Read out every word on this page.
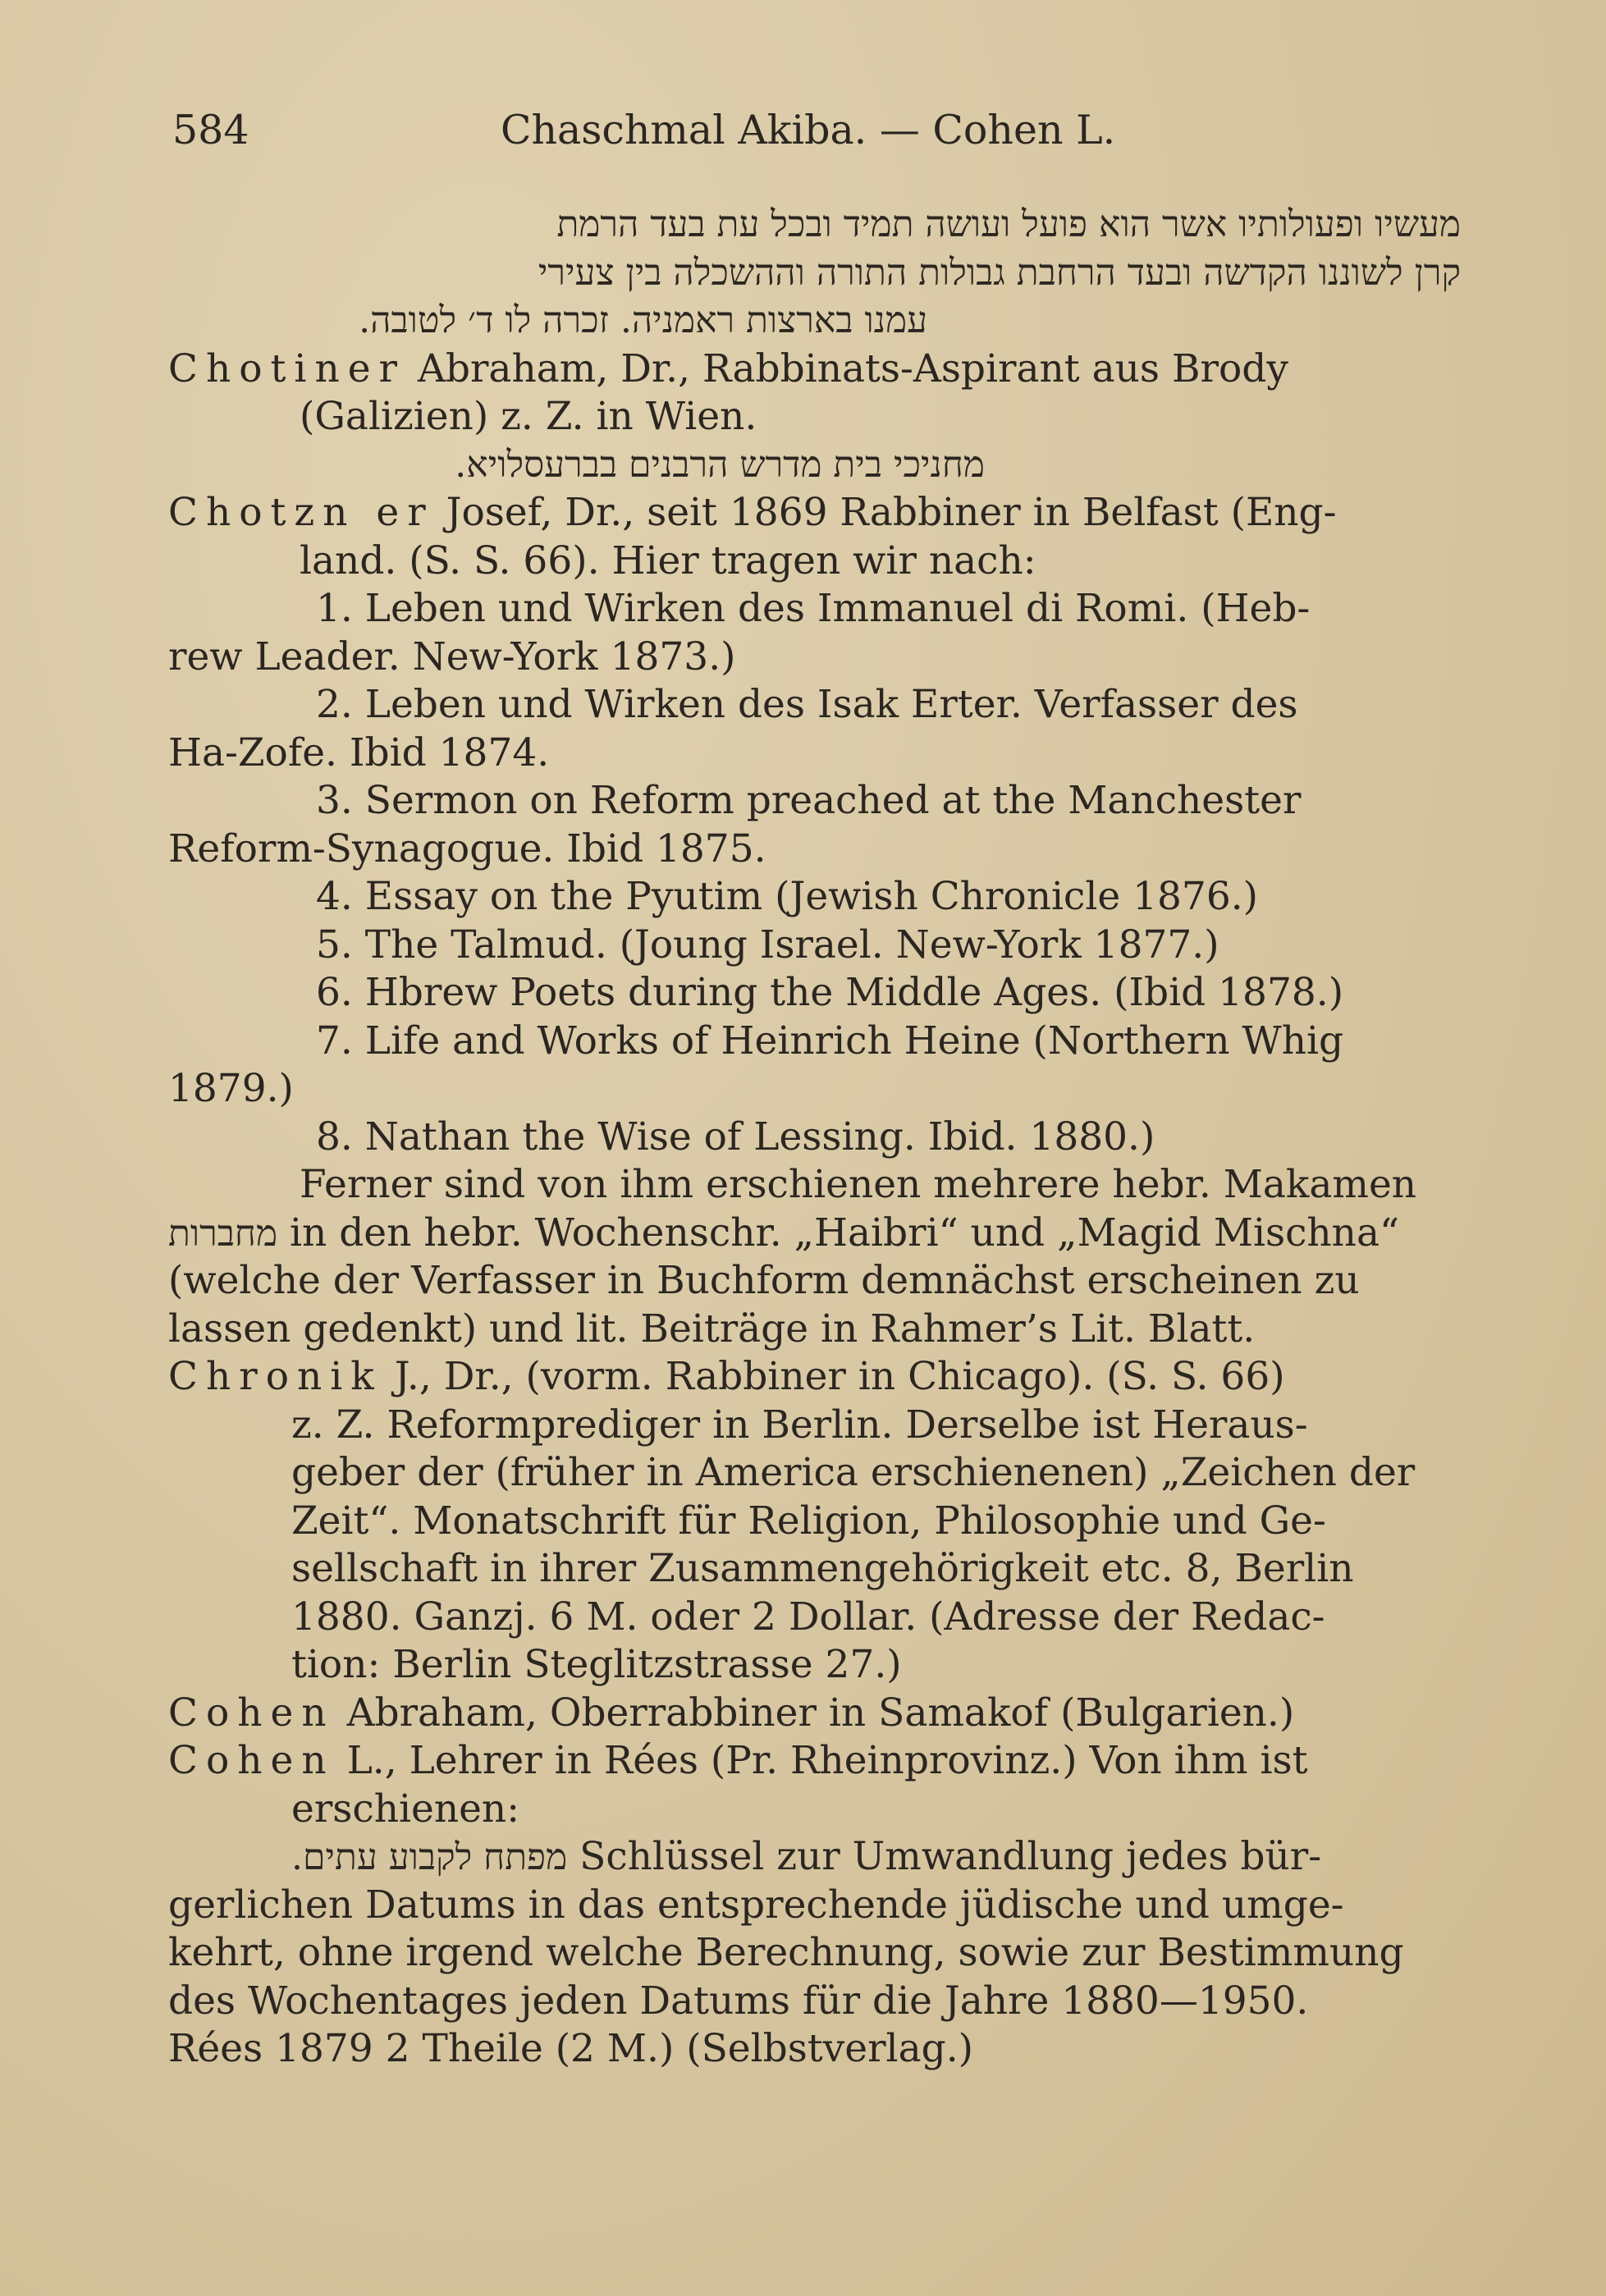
584	Chaschmal Akiba. — Cohen L.
מעשיו ופעולותיו אשר הוא פועל ועושה תמיד ובכל עת בעד הרמת
קרן לשוננו הקדשה ובעד הרחבת גבולות התורה וההשכלה בין צעירי
עמנו בארצות ראמניה. זכרה לו ד׳ לטובה.
Chotiner Abraham, Dr., Rabbinats-Aspirant aus Brody
(Galizien) z. Z. in Wien.
מחניכי בית מדרש הרבנים בברעסלויא.
Chotzn er Josef, Dr., seit 1869 Rabbiner in Belfast (Eng-
land. (S. S. 66). Hier tragen wir nach:
1. Leben und Wirken des Immanuel di Romi. (Heb-
rew Leader. New-York 1873.)
2. Leben und Wirken des Isak Erter. Verfasser des
Ha-Zofe. Ibid 1874.
3. Sermon on Reform preached at the Manchester
Reform-Synagogue. Ibid 1875.
4. Essay on the Pyutim (Jewish Chronicle 1876.)
5. The Talmud. (Joung Israel. New-York 1877.)
6. Hbrew Poets during the Middle Ages. (Ibid 1878.)
7. Life and Works of Heinrich Heine (Northern Whig
1879.)
8. Nathan the Wise of Lessing. Ibid. 1880.)
Ferner sind von ihm erschienen mehrere hebr. Makamen
מחברות in den hebr. Wochenschr. „Haibri“ und „Magid Mischna“
(welche der Verfasser in Buchform demnächst erscheinen zu
lassen gedenkt) und lit. Beiträge in Rahmer’s Lit. Blatt.
Chronik J., Dr., (vorm. Rabbiner in Chicago). (S. S. 66)
z. Z. Reformprediger in Berlin. Derselbe ist Heraus-
geber der (früher in America erschienenen) „Zeichen der
Zeit“. Monatschrift für Religion, Philosophie und Ge-
sellschaft in ihrer Zusammengehörigkeit etc. 8, Berlin
1880. Ganzj. 6 M. oder 2 Dollar. (Adresse der Redac-
tion: Berlin Steglitzstrasse 27.)
Cohen Abraham, Oberrabbiner in Samakof (Bulgarien.)
Cohen L., Lehrer in Rées (Pr. Rheinprovinz.) Von ihm ist
erschienen:
מפתח לקבוע עתים. Schlüssel zur Umwandlung jedes bür-
gerlichen Datums in das entsprechende jüdische und umge-
kehrt, ohne irgend welche Berechnung, sowie zur Bestimmung
des Wochentages jeden Datums für die Jahre 1880—1950.
Rées 1879 2 Theile (2 M.) (Selbstverlag.)
